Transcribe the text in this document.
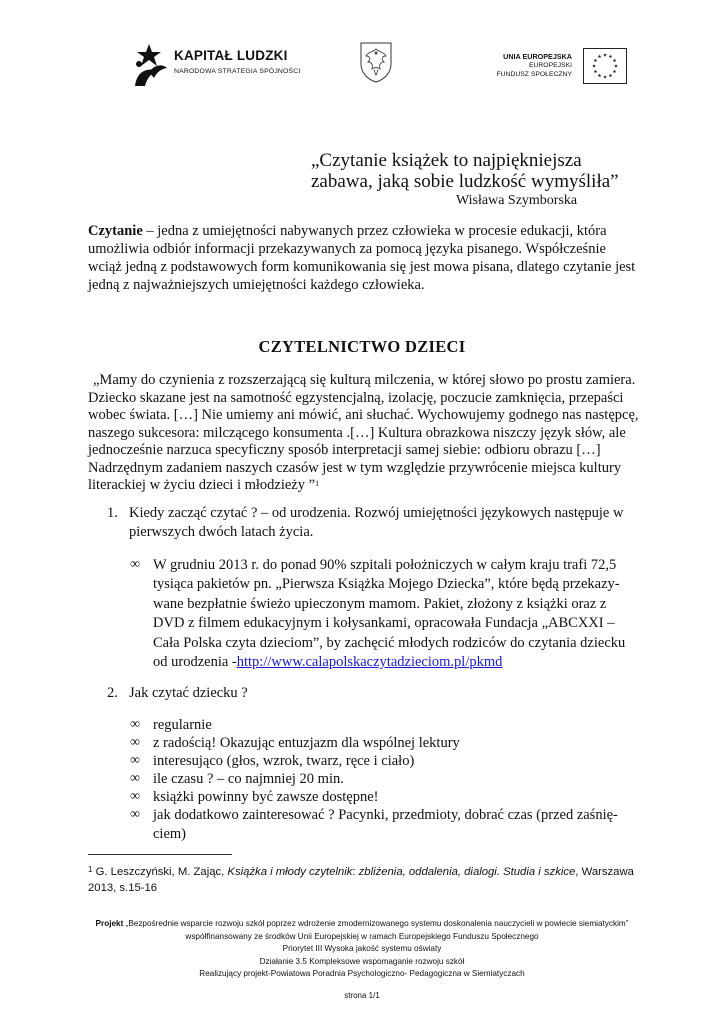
KAPITAŁ LUDZKI
NARODOWA STRATEGIA SPÓJNOŚCI
UNIA EUROPEJSKA
EUROPEJSKI
FUNDUSZ SPOŁECZNY
„Czytanie książek to najpiękniejsza
zabawa, jaką sobie ludzkość wymyśliła”
Wisława Szymborska

Czytanie – jedna z umiejętności nabywanych przez człowieka w procesie edukacji, która umożliwia odbiór informacji przekazywanych za pomocą języka pisanego. Współcześnie wciąż jedną z podstawowych form komunikowania się jest mowa pisana, dlatego czytanie jest jedną z najważniejszych umiejętności każdego człowieka.

CZYTELNICTWO DZIECI
„Mamy do czynienia z rozszerzającą się kulturą milczenia, w której słowo po prostu zamiera. Dziecko skazane jest na samotność egzystencjalną, izolację, poczucie zamknięcia, przepaści wobec świata. […] Nie umiemy ani mówić, ani słuchać. Wychowujemy godnego nas następcę, naszego sukcesora: milczącego konsumenta .[…] Kultura obrazkowa niszczy język słów, ale jednocześnie narzuca specyficzny sposób interpretacji samej siebie: odbioru obrazu […] Nadrzędnym zadaniem naszych czasów jest w tym względzie przywrócenie miejsca kultury literackiej w życiu dzieci i młodzieży ”$^1$
1. Kiedy zacząć czytać ? – od urodzenia. Rozwój umiejętności językowych następuje w pierwszych dwóch latach życia.
∞ W grudniu 2013 r. do ponad 90% szpitali położniczych w całym kraju trafi 72,5 tysiąca pakietów pn. „Pierwsza Książka Mojego Dziecka”, które będą przekazy-wane bezpłatnie świeżo upieczonym mamom. Pakiet, złożony z książki oraz z DVD z filmem edukacyjnym i kołysankami, opracowała Fundacja „ABCXXI – Cała Polska czyta dzieciom”, by zachęcić młodych rodziców do czytania dziecku od urodzenia -http://www.calapolskaczytadzieciom.pl/pkmd
2. Jak czytać dziecku ?
∞ regularnie
∞ z radością! Okazując entuzjazm dla wspólnej lektury
∞ interesująco (głos, wzrok, twarz, ręce i ciało)
∞ ile czasu ? – co najmniej 20 min.
∞ książki powinny być zawsze dostępne!
∞ jak dodatkowo zainteresować ? Pacynki, przedmioty, dobrać czas (przed zaśnię-ciem)
$^1$ G. Leszczyński, M. Zając, Książka i młody czytelnik: zbliżenia, oddalenia, dialogi. Studia i szkice, Warszawa 2013, s.15-16
Projekt „Bezpośrednie wsparcie rozwoju szkół poprzez wdrożenie zmodernizowanego systemu doskonalenia nauczycieli w powiecie siemiatyckim” współfinansowany ze środków Unii Europejskiej w ramach Europejskiego Funduszu Społecznego
Priorytet III Wysoka jakość systemu oświaty
Działanie 3.5 Kompleksowe wspomaganie rozwoju szkół
Realizujący projekt-Powiatowa Poradnia Psychologiczno- Pedagogiczna w Siemiatyczach
strona 1/1
